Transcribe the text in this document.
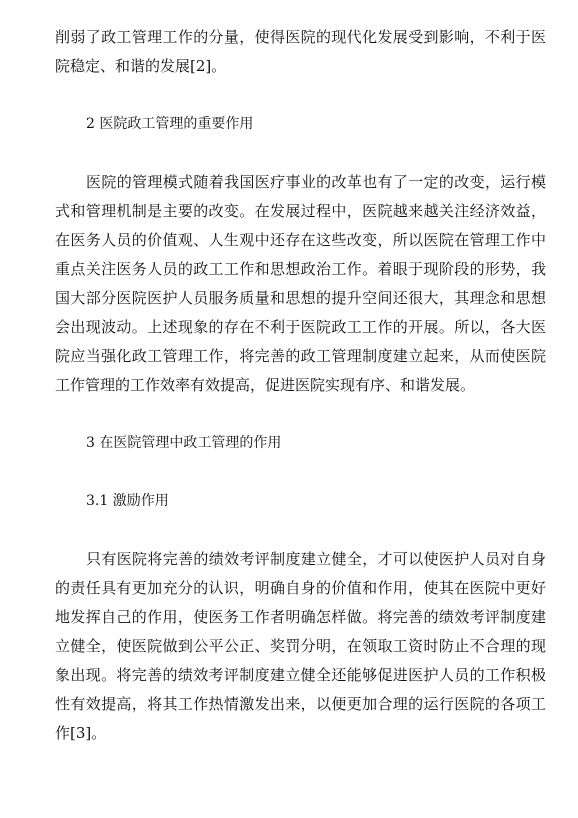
削弱了政工管理工作的分量，使得医院的现代化发展受到影响，不利于医院稳定、和谐的发展[2]。

2 医院政工管理的重要作用

医院的管理模式随着我国医疗事业的改革也有了一定的改变，运行模式和管理机制是主要的改变。在发展过程中，医院越来越关注经济效益，在医务人员的价值观、人生观中还存在这些改变，所以医院在管理工作中重点关注医务人员的政工工作和思想政治工作。着眼于现阶段的形势，我国大部分医院医护人员服务质量和思想的提升空间还很大，其理念和思想会出现波动。上述现象的存在不利于医院政工工作的开展。所以，各大医院应当强化政工管理工作，将完善的政工管理制度建立起来，从而使医院工作管理的工作效率有效提高，促进医院实现有序、和谐发展。

3 在医院管理中政工管理的作用

3.1 激励作用

只有医院将完善的绩效考评制度建立健全，才可以使医护人员对自身的责任具有更加充分的认识，明确自身的价值和作用，使其在医院中更好地发挥自己的作用，使医务工作者明确怎样做。将完善的绩效考评制度建立健全，使医院做到公平公正、奖罚分明，在领取工资时防止不合理的现象出现。将完善的绩效考评制度建立健全还能够促进医护人员的工作积极性有效提高，将其工作热情激发出来，以便更加合理的运行医院的各项工作[3]。
